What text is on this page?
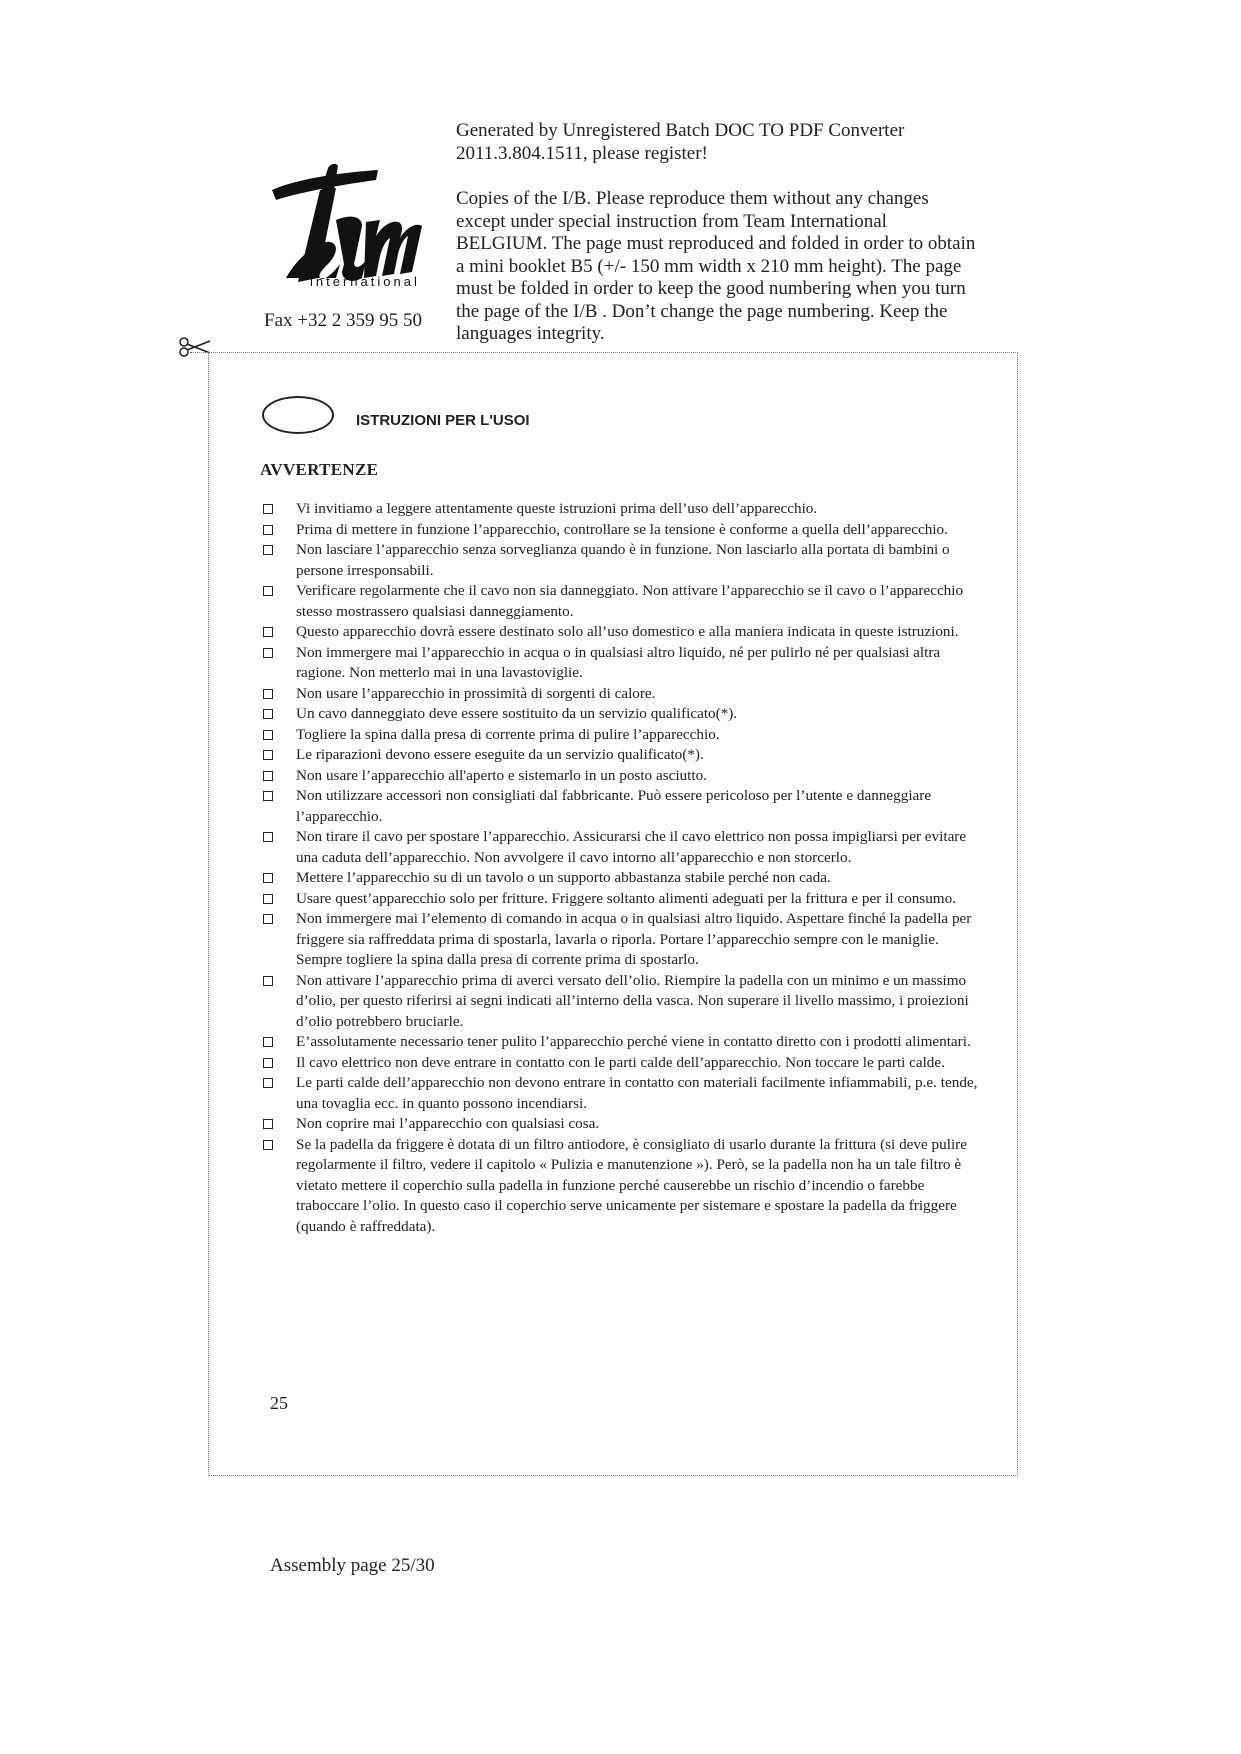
international
Fax +32 2 359 95 50

Generated by Unregistered Batch DOC TO PDF Converter 2011.3.804.1511, please register!

Copies of the I/B. Please reproduce them without any changes except under special instruction from Team International BELGIUM. The page must reproduced and folded in order to obtain a mini booklet B5 (+/- 150 mm width x 210 mm height). The page must be folded in order to keep the good numbering when you turn the page of the I/B . Don’t change the page numbering. Keep the languages integrity.

ISTRUZIONI PER L'USOI
AVVERTENZE
Vi invitiamo a leggere attentamente queste istruzioni prima dell’uso dell’apparecchio.
Prima di mettere in funzione l’apparecchio, controllare se la tensione è conforme a quella dell’apparecchio.
Non lasciare l’apparecchio senza sorveglianza quando è in funzione. Non lasciarlo alla portata di bambini o persone irresponsabili.
Verificare regolarmente che il cavo non sia danneggiato. Non attivare l’apparecchio se il cavo o l’apparecchio stesso mostrassero qualsiasi danneggiamento.
Questo apparecchio dovrà essere destinato solo all’uso domestico e alla maniera indicata in queste istruzioni.
Non immergere mai l’apparecchio in acqua o in qualsiasi altro liquido, né per pulirlo né per qualsiasi altra ragione. Non metterlo mai in una lavastoviglie.
Non usare l’apparecchio in prossimità di sorgenti di calore.
Un cavo danneggiato deve essere sostituito da un servizio qualificato(*).
Togliere la spina dalla presa di corrente prima di pulire l’apparecchio.
Le riparazioni devono essere eseguite da un servizio qualificato(*).
Non usare l’apparecchio all'aperto e sistemarlo in un posto asciutto.
Non utilizzare accessori non consigliati dal fabbricante. Può essere pericoloso per l’utente e danneggiare l’apparecchio.
Non tirare il cavo per spostare l’apparecchio. Assicurarsi che il cavo elettrico non possa impigliarsi per evitare una caduta dell’apparecchio. Non avvolgere il cavo intorno all’apparecchio e non storcerlo.
Mettere l’apparecchio su di un tavolo o un supporto abbastanza stabile perché non cada.
Usare quest’apparecchio solo per fritture. Friggere soltanto alimenti adeguati per la frittura e per il consumo.
Non immergere mai l’elemento di comando in acqua o in qualsiasi altro liquido. Aspettare finché la padella per friggere sia raffreddata prima di spostarla, lavarla o riporla. Portare l’apparecchio sempre con le maniglie. Sempre togliere la spina dalla presa di corrente prima di spostarlo.
Non attivare l’apparecchio prima di averci versato dell’olio. Riempire la padella con un minimo e un massimo d’olio, per questo riferirsi ai segni indicati all’interno della vasca. Non superare il livello massimo, i proiezioni d’olio potrebbero bruciarle.
E’assolutamente necessario tener pulito l’apparecchio perché viene in contatto diretto con i prodotti alimentari.
Il cavo elettrico non deve entrare in contatto con le parti calde dell’apparecchio. Non toccare le parti calde.
Le parti calde dell’apparecchio non devono entrare in contatto con materiali facilmente infiammabili, p.e. tende, una tovaglia ecc. in quanto possono incendiarsi.
Non coprire mai l’apparecchio con qualsiasi cosa.
Se la padella da friggere è dotata di un filtro antiodore, è consigliato di usarlo durante la frittura (si deve pulire regolarmente il filtro, vedere il capitolo « Pulizia e manutenzione »). Però, se la padella non ha un tale filtro è vietato mettere il coperchio sulla padella in funzione perché causerebbe un rischio d’incendio o farebbe traboccare l’olio. In questo caso il coperchio serve unicamente per sistemare e spostare la padella da friggere (quando è raffreddata).
25
Assembly page 25/30
